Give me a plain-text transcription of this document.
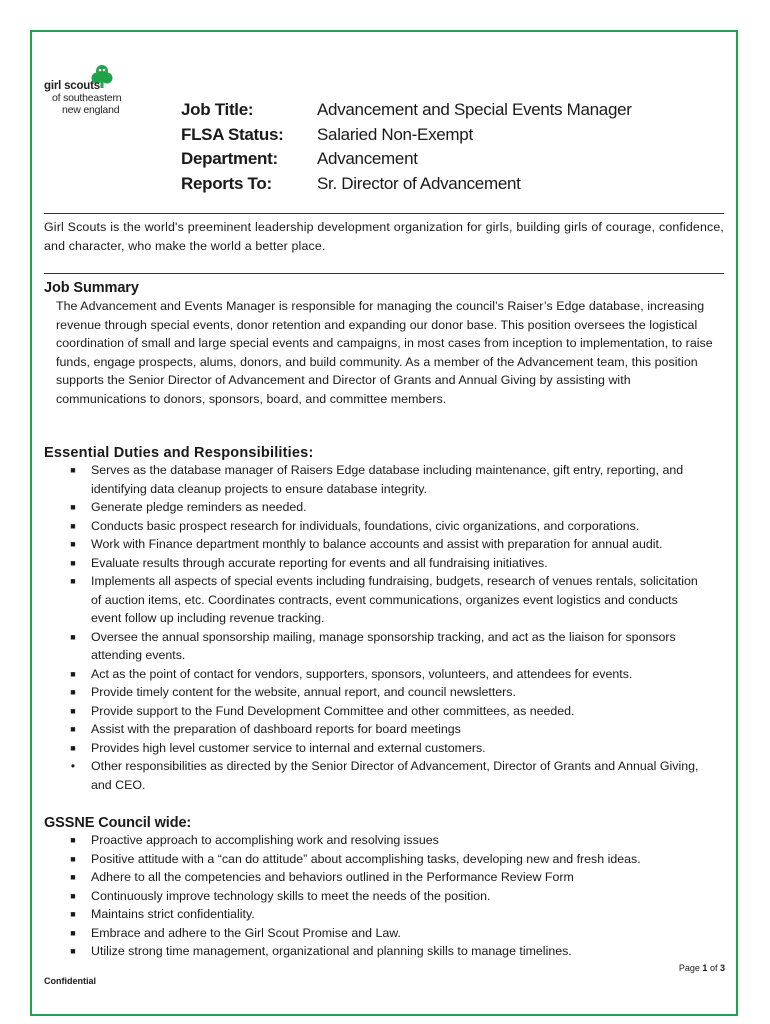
girl scouts
of southeastern
new england	Job Title:	Advancement and Special Events Manager
FLSA Status:	Salaried Non-Exempt
Department:	Advancement
Reports To:	Sr. Director of Advancement

Girl Scouts is the world's preeminent leadership development organization for girls, building girls of courage, confidence, and character, who make the world a better place.

Job Summary

The Advancement and Events Manager is responsible for managing the council’s Raiser’s Edge database, increasing revenue through special events, donor retention and expanding our donor base. This position oversees the logistical coordination of small and large special events and campaigns, in most cases from inception to implementation, to raise funds, engage prospects, alums, donors, and build community. As a member of the Advancement team, this position supports the Senior Director of Advancement and Director of Grants and Annual Giving by assisting with communications to donors, sponsors, board, and committee members.

Essential Duties and Responsibilities:
■ Serves as the database manager of Raisers Edge database including maintenance, gift entry, reporting, and identifying data cleanup projects to ensure database integrity.
■ Generate pledge reminders as needed.
■ Conducts basic prospect research for individuals, foundations, civic organizations, and corporations.
■ Work with Finance department monthly to balance accounts and assist with preparation for annual audit.
■ Evaluate results through accurate reporting for events and all fundraising initiatives.
■ Implements all aspects of special events including fundraising, budgets, research of venues rentals, solicitation of auction items, etc. Coordinates contracts, event communications, organizes event logistics and conducts event follow up including revenue tracking.
■ Oversee the annual sponsorship mailing, manage sponsorship tracking, and act as the liaison for sponsors attending events.
■ Act as the point of contact for vendors, supporters, sponsors, volunteers, and attendees for events.
■ Provide timely content for the website, annual report, and council newsletters.
■ Provide support to the Fund Development Committee and other committees, as needed.
■ Assist with the preparation of dashboard reports for board meetings
■ Provides high level customer service to internal and external customers.
•	Other responsibilities as directed by the Senior Director of Advancement, Director of Grants and Annual Giving, and CEO.
GSSNE Council wide:
■ Proactive approach to accomplishing work and resolving issues
■ Positive attitude with a “can do attitude” about accomplishing tasks, developing new and fresh ideas.
■ Adhere to all the competencies and behaviors outlined in the Performance Review Form
■ Continuously improve technology skills to meet the needs of the position.
■ Maintains strict confidentiality.
■ Embrace and adhere to the Girl Scout Promise and Law.
■ Utilize strong time management, organizational and planning skills to manage timelines.
Page 1 of 3
Confidential
